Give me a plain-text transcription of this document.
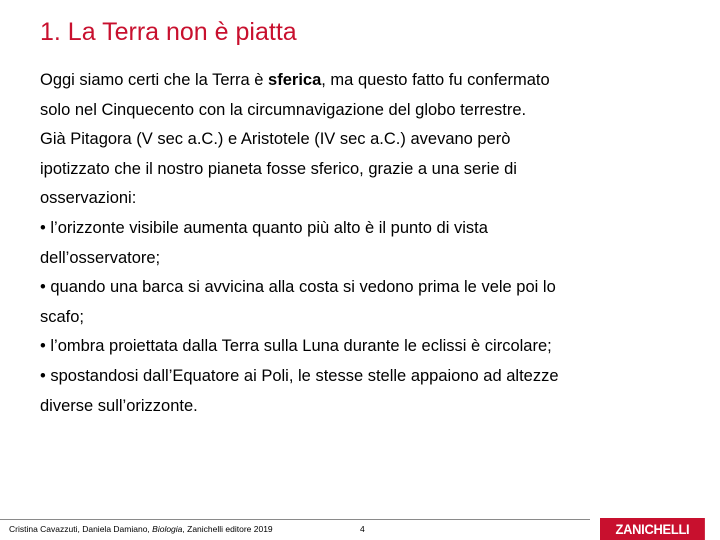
1. La Terra non è piatta
Oggi siamo certi che la Terra è sferica, ma questo fatto fu confermato
solo nel Cinquecento con la circumnavigazione del globo terrestre.
Già Pitagora (V sec a.C.) e Aristotele (IV sec a.C.) avevano però
ipotizzato che il nostro pianeta fosse sferico, grazie a una serie di
osservazioni:
• l’orizzonte visibile aumenta quanto più alto è il punto di vista
dell’osservatore;
• quando una barca si avvicina alla costa si vedono prima le vele poi lo
scafo;
• l’ombra proiettata dalla Terra sulla Luna durante le eclissi è circolare;
• spostandosi dall’Equatore ai Poli, le stesse stelle appaiono ad altezze
diverse sull’orizzonte.
Cristina Cavazzuti, Daniela Damiano, Biologia, Zanichelli editore 2019	4	ZANICHELLI
